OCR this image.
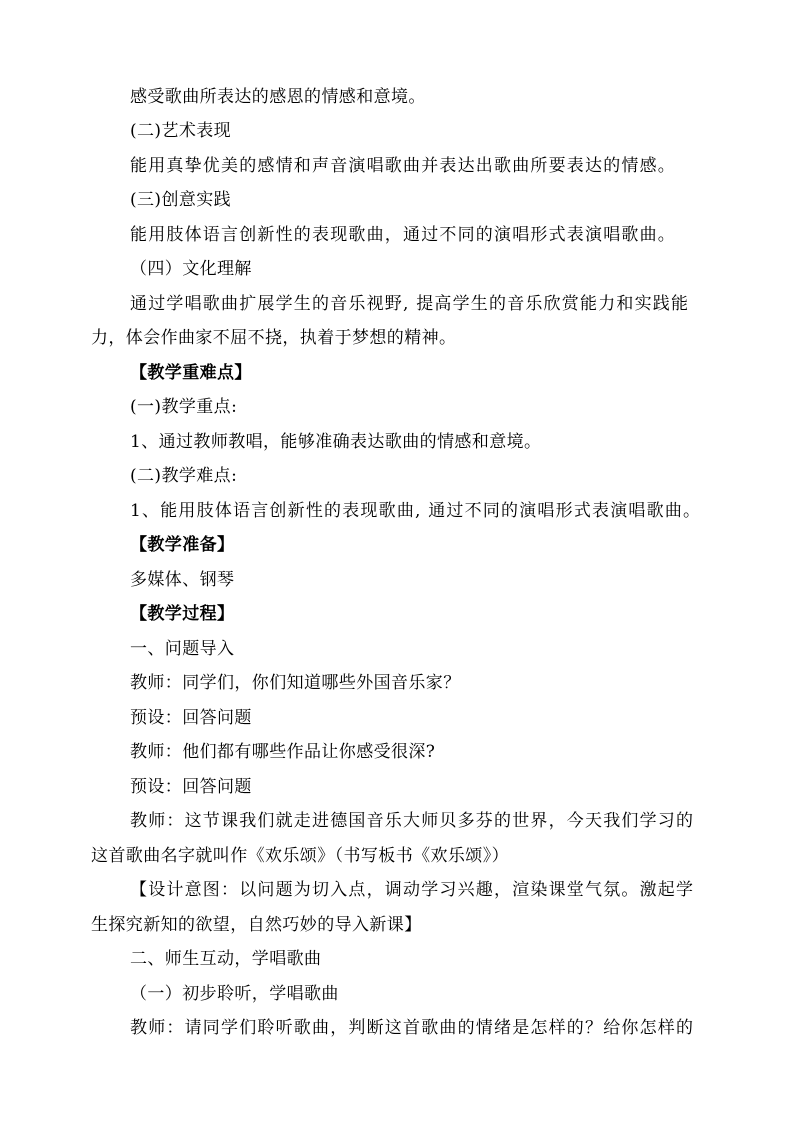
感受歌曲所表达的感恩的情感和意境。
(二)艺术表现
能用真挚优美的感情和声音演唱歌曲并表达出歌曲所要表达的情感。
(三)创意实践
能用肢体语言创新性的表现歌曲，通过不同的演唱形式表演唱歌曲。
（四）文化理解
通过学唱歌曲扩展学生的音乐视野, 提高学生的音乐欣赏能力和实践能
力，体会作曲家不屈不挠，执着于梦想的精神。
【教学重难点】
(一)教学重点:
1、通过教师教唱，能够准确表达歌曲的情感和意境。
(二)教学难点:
1、能用肢体语言创新性的表现歌曲, 通过不同的演唱形式表演唱歌曲。
【教学准备】
多媒体、钢琴
【教学过程】
一、问题导入
教师：同学们，你们知道哪些外国音乐家？
预设：回答问题
教师：他们都有哪些作品让你感受很深?
预设：回答问题
教师：这节课我们就走进德国音乐大师贝多芬的世界，今天我们学习的
这首歌曲名字就叫作《欢乐颂》（书写板书《欢乐颂》）
【设计意图：以问题为切入点，调动学习兴趣，渲染课堂气氛。激起学
生探究新知的欲望，自然巧妙的导入新课】
二、师生互动，学唱歌曲
（一）初步聆听，学唱歌曲
教师：请同学们聆听歌曲，判断这首歌曲的情绪是怎样的？给你怎样的
